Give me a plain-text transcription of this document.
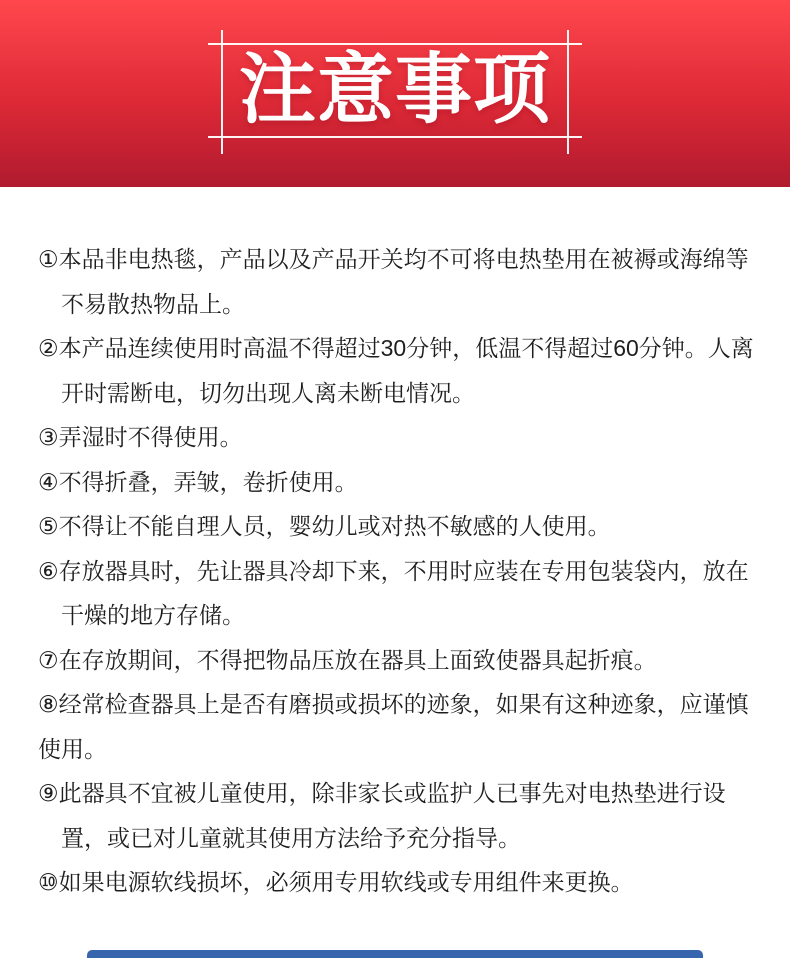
注意事项

①本品非电热毯，产品以及产品开关均不可将电热垫用在被褥或海绵等不易散热物品上。

②本产品连续使用时高温不得超过30分钟，低温不得超过60分钟。人离开时需断电，切勿出现人离未断电情况。

③弄湿时不得使用。

④不得折叠，弄皱，卷折使用。

⑤不得让不能自理人员，婴幼儿或对热不敏感的人使用。

⑥存放器具时，先让器具冷却下来，不用时应装在专用包装袋内，放在干燥的地方存储。

⑦在存放期间，不得把物品压放在器具上面致使器具起折痕。

⑧经常检查器具上是否有磨损或损坏的迹象，如果有这种迹象，应谨慎使用。

⑨此器具不宜被儿童使用，除非家长或监护人已事先对电热垫进行设置，或已对儿童就其使用方法给予充分指导。

⑩如果电源软线损坏，必须用专用软线或专用组件来更换。
